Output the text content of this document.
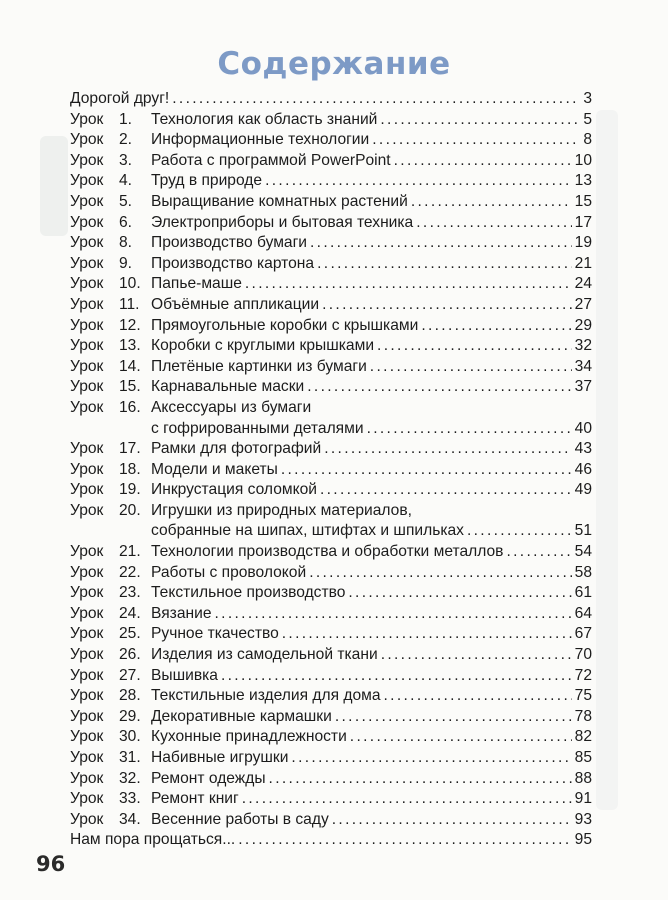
Содержание
Дорогой друг! . . .	3
Урок 1. Технология как область знаний . . .	5
Урок 2. Информационные технологии . . .	8
Урок 3. Работа с программой PowerPoint . . .	10
Урок 4. Труд в природе . . .	13
Урок 5. Выращивание комнатных растений . . .	15
Урок 6. Электроприборы и бытовая техника . . .	17
Урок 8. Производство бумаги . . .	19
Урок 9. Производство картона . . .	21
Урок 10. Папье-маше . . .	24
Урок 11. Объёмные аппликации . . .	27
Урок 12. Прямоугольные коробки с крышками . . .	29
Урок 13. Коробки с круглыми крышками . . .	32
Урок 14. Плетёные картинки из бумаги . . .	34
Урок 15. Карнавальные маски . . .	37
Урок 16. Аксессуары из бумаги
с гофрированными деталями . . .	40
Урок 17. Рамки для фотографий . . .	43
Урок 18. Модели и макеты . . .	46
Урок 19. Инкрустация соломкой . . .	49
Урок 20. Игрушки из природных материалов,
собранные на шипах, штифтах и шпильках . . .	51
Урок 21. Технологии производства и обработки металлов . . .	54
Урок 22. Работы с проволокой . . .	58
Урок 23. Текстильное производство . . .	61
Урок 24. Вязание . . .	64
Урок 25. Ручное ткачество . . .	67
Урок 26. Изделия из самодельной ткани . . .	70
Урок 27. Вышивка . . .	72
Урок 28. Текстильные изделия для дома . . .	75
Урок 29. Декоративные кармашки . . .	78
Урок 30. Кухонные принадлежности . . .	82
Урок 31. Набивные игрушки . . .	85
Урок 32. Ремонт одежды . . .	88
Урок 33. Ремонт книг . . .	91
Урок 34. Весенние работы в саду . . .	93
Нам пора прощаться... . . .	95
96
